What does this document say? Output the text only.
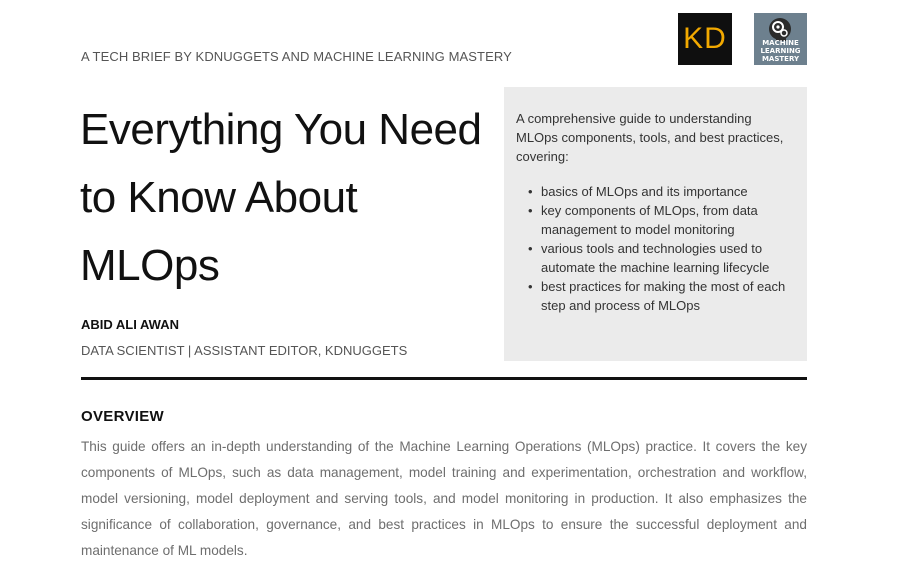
A TECH BRIEF BY KDNUGGETS AND MACHINE LEARNING MASTERY
KD	MACHINE
LEARNING
MASTERY
Everything You Need
to Know About
MLOps
ABID ALI AWAN
DATA SCIENTIST | ASSISTANT EDITOR, KDNUGGETS
A comprehensive guide to understanding MLOps components, tools, and best practices, covering:
• basics of MLOps and its importance
• key components of MLOps, from data management to model monitoring
• various tools and technologies used to automate the machine learning lifecycle
• best practices for making the most of each step and process of MLOps
OVERVIEW

This guide offers an in-depth understanding of the Machine Learning Operations (MLOps) practice. It covers the key components of MLOps, such as data management, model training and experimentation, orchestration and workflow, model versioning, model deployment and serving tools, and model monitoring in production. It also emphasizes the significance of collaboration, governance, and best practices in MLOps to ensure the successful deployment and maintenance of ML models.
